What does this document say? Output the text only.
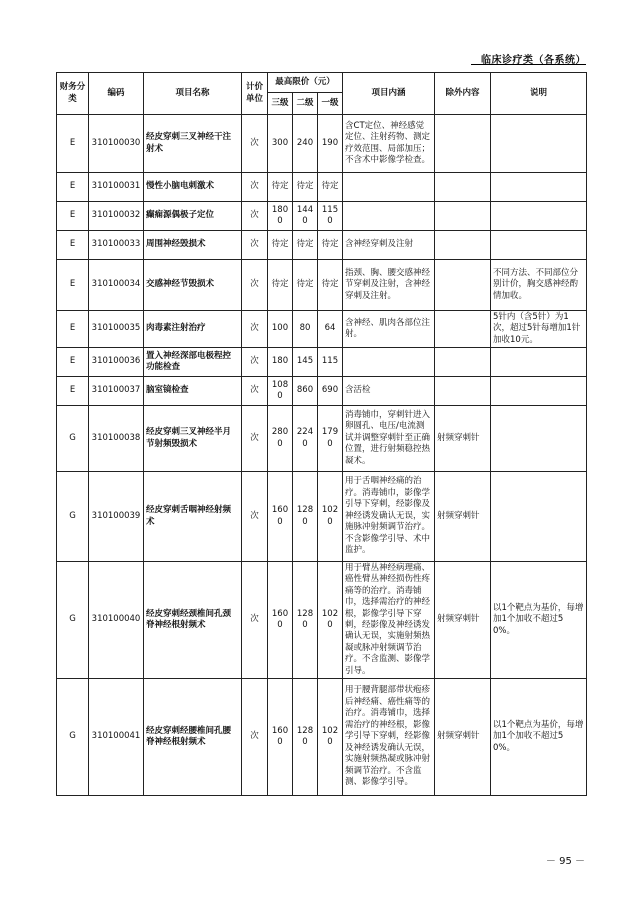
临床诊疗类（各系统）
财务分类	编码	项目名称	计价单位	最高限价（元）			项目内涵	除外内容	说明
				三级	二级	一级			
E	310100030	经皮穿刺三叉神经干注射术	次	300	240	190	含CT定位、神经感觉定位、注射药物、测定疗效范围、局部加压；不含术中影像学检查。		
E	310100031	慢性小脑电刺激术	次	待定	待定	待定			
E	310100032	癫痫源偶极子定位	次	1800	1440	1150			
E	310100033	周围神经毁损术	次	待定	待定	待定	含神经穿刺及注射		
E	310100034	交感神经节毁损术	次	待定	待定	待定	指颈、胸、腰交感神经节穿刺及注射，含神经穿刺及注射。		不同方法、不同部位分别计价，胸交感神经酌情加收。
E	310100035	肉毒素注射治疗	次	100	80	64	含神经、肌肉各部位注射。		5针内（含5针）为1次，超过5针每增加1针加收10元。
E	310100036	置入神经深部电极程控功能检查	次	180	145	115			
E	310100037	脑室镜检查	次	1080	860	690	含活检		
G	310100038	经皮穿刺三叉神经半月节射频毁损术	次	2800	2240	1790	消毒铺巾，穿刺针进入卵圆孔、电压/电流测试并调整穿刺针至正确位置，进行射频稳控热凝术。	射频穿刺针	
G	310100039	经皮穿刺舌咽神经射频术	次	1600	1280	1020	用于舌咽神经痛的治疗。消毒铺巾，影像学引导下穿刺，经影像及神经诱发确认无误，实施脉冲射频调节治疗。不含影像学引导、术中监护。	射频穿刺针	
G	310100040	经皮穿刺经颈椎间孔颈脊神经根射频术	次	1600	1280	1020	用于臂丛神经病理痛、癌性臂丛神经损伤性疼痛等的治疗。消毒铺巾，选择需治疗的神经根，影像学引导下穿刺，经影像及神经诱发确认无误，实施射频热凝或脉冲射频调节治疗。不含监测、影像学引导。	射频穿刺针	以1个靶点为基价，每增加1个加收不超过50%。
G	310100041	经皮穿刺经腰椎间孔腰脊神经根射频术	次	1600	1280	1020	用于腰背腿部带状疱疹后神经痛、癌性痛等的治疗。消毒铺巾，选择需治疗的神经根，影像学引导下穿刺，经影像及神经诱发确认无误，实施射频热凝或脉冲射频调节治疗。不含监测、影像学引导。	射频穿刺针	以1个靶点为基价，每增加1个加收不超过50%。
－ 95 －
